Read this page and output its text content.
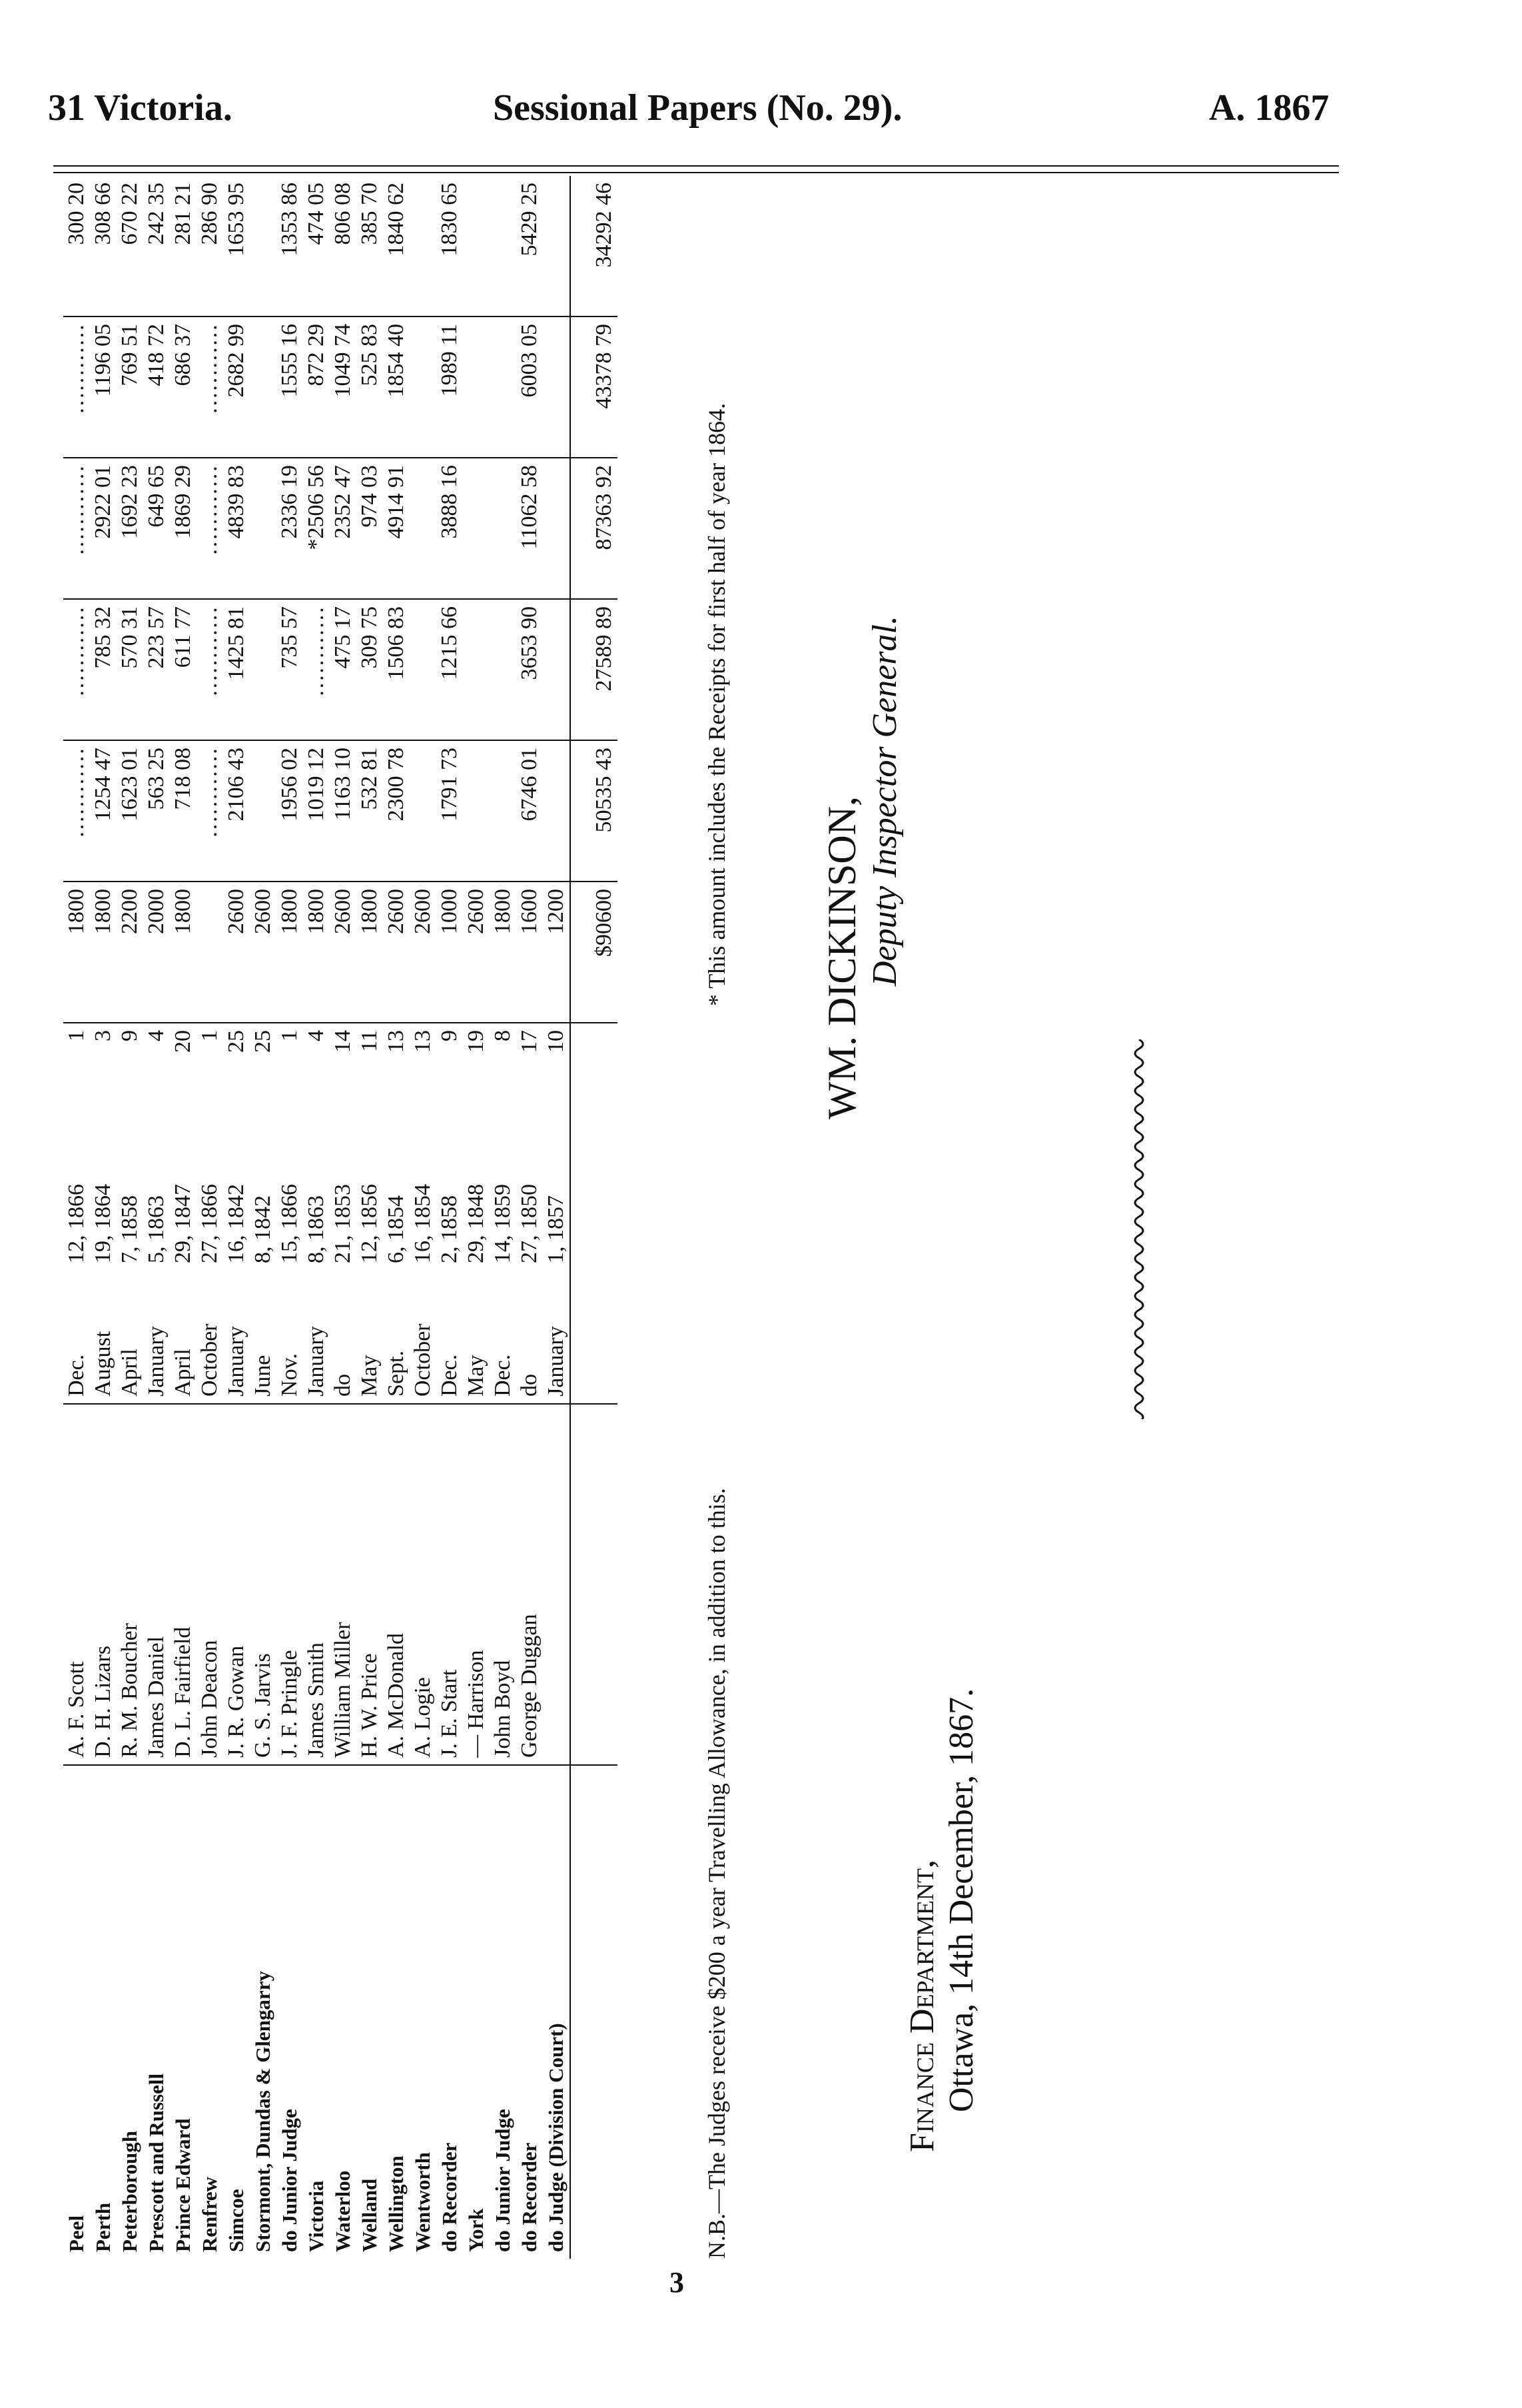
31 Victoria.	Sessional Papers (No. 29).	A. 1867
Peel	A. F. Scott	Dec.	12, 1866	1	1800	…………	…………	…………	…………	300 20
Perth	D. H. Lizars	August	19, 1864	3	1800	1254 47	785 32	2922 01	1196 05	308 66
Peterborough	R. M. Boucher	April	7, 1858	9	2200	1623 01	570 31	1692 23	769 51	670 22
Prescott and Russell	James Daniel	January	5, 1863	4	2000	563 25	223 57	649 65	418 72	242 35
Prince Edward	D. L. Fairfield	April	29, 1847	20	1800	718 08	611 77	1869 29	686 37	281 21
Renfrew	John Deacon	October	27, 1866	1		…………	…………	…………	…………	286 90
Simcoe	J. R. Gowan	January	16, 1842	25	2600	2106 43	1425 81	4839 83	2682 99	1653 95
Stormont, Dundas & Glengarry	G. S. Jarvis	June	8, 1842	25	2600					
do Junior Judge	J. F. Pringle	Nov.	15, 1866	1	1800	1956 02	735 57	2336 19	1555 16	1353 86
Victoria	James Smith	January	8, 1863	4	1800	1019 12	…………	*2506 56	872 29	474 05
Waterloo	William Miller	do	21, 1853	14	2600	1163 10	475 17	2352 47	1049 74	806 08
Welland	H. W. Price	May	12, 1856	11	1800	532 81	309 75	974 03	525 83	385 70
Wellington	A. McDonald	Sept.	6, 1854	13	2600	2300 78	1506 83	4914 91	1854 40	1840 62
Wentworth	A. Logie	October	16, 1854	13	2600					
do Recorder	J. E. Start	Dec.	2, 1858	9	1000	1791 73	1215 66	3888 16	1989 11	1830 65
York	— Harrison	May	29, 1848	19	2600					
do Junior Judge	John Boyd	Dec.	14, 1859	8	1800					
do Recorder	George Duggan	do	27, 1850	17	1600	6746 01	3653 90	11062 58	6003 05	5429 25
do Judge (Division Court)		January	1, 1857	10	1200					
					$90600	50535 43	27589 89	87363 92	43378 79	34292 46
N.B.—The Judges receive $200 a year Travelling Allowance, in addition to this.
* This amount includes the Receipts for first half of year 1864. WM. DICKINSON, Deputy Inspector General.
Finance Department, Ottawa, 14th December, 1867.
3
